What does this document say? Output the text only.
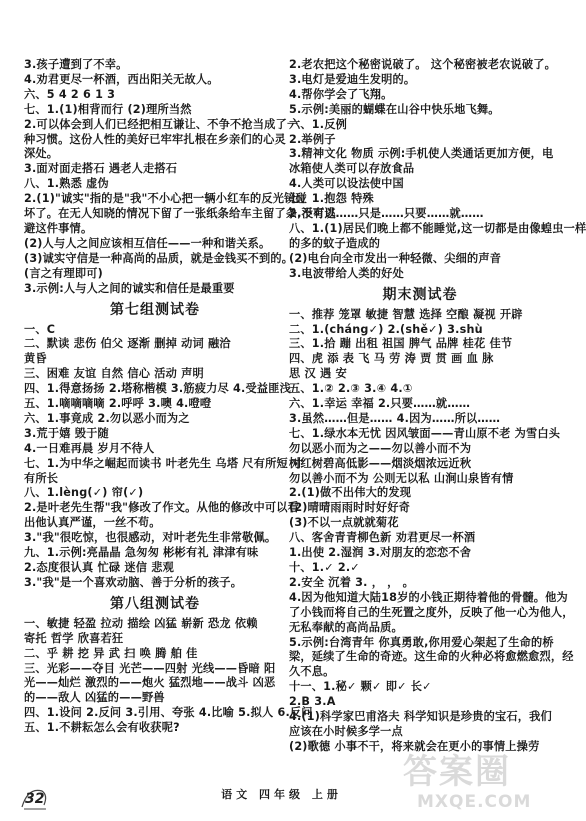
3.孩子遭到了不幸。
4.劝君更尽一杯酒，西出阳关无故人。
六、5 4 2 6 1 3
七、1.(1)相背而行 (2)理所当然
2.可以体会到人们已经把相互谦让、不争不抢当成了一
种习惯。这份人性的美好已牢牢扎根在乡亲们的心灵
深处。
3.面对面走搭石 遇老人走搭石
八、1.熟悉 虚伪
2.(1)"诚实"指的是"我"不小心把一辆小红车的反光镜碰
坏了。在无人知晓的情况下留了一张纸条给车主留了条,没有逃
避这件事情。
(2)人与人之间应该相互信任——一种和谐关系。
(3)诚实守信是一种高尚的品质，就是金钱买不到的。
(言之有理即可)
3.示例:人与人之间的诚实和信任是最重要
第七组测试卷
一、C
二、默读 悲伤 伯父 逐渐 删掉 动词 融洽
黄昏
三、困难 友谊 自然 信心 活动 声明
四、1.得意扬扬 2.塔称楷模 3.筋疲力尽 4.受益匪浅
五、1.嘀嘀嘀嘀 2.呼呼 3.噢 4.噔噔
六、1.事竟成 2.勿以恶小而为之
3.荒于嬉 毁于随
4.一日难再晨 岁月不待人
七、1.为中华之崛起而读书 叶老先生 乌塔 尺有所短 寸
有所长
八、1.lèng(✓) 帘(✓)
2.是叶老先生帮"我"修改了作文。从他的修改中可以看
出他认真严谨，一丝不苟。
3."我"很吃惊，也很感动，对叶老先生非常敬佩。
九、1.示例:亮晶晶 急匆匆 彬彬有礼 津津有味
2.态度很认真 忙碌 迷信 悲观
3."我"是一个喜欢动脑、善于分析的孩子。
第八组测试卷
一、敏捷 轻盈 拉动 描绘 凶猛 崭新 恐龙 依赖
寄托 哲学 欣喜若狂
二、乎 耕 挖 异 武 扫 唤 腾 舶 佳
三、光彩——夺目 光芒——四射 光线——昏暗 阳
光——灿烂 激烈的——炮火 猛烈地——战斗 凶恶
的——敌人 凶猛的——野兽
四、1.设问 2.反问 3.引用、夸张 4.比喻 5.拟人 6.反问
五、1.不耕耘怎么会有收获呢?
2.老农把这个秘密说破了。 这个秘密被老农说破了。
3.电灯是爱迪生发明的。
4.帮你学会了飞翔。
5.示例:美丽的蝴蝶在山谷中快乐地飞舞。
六、1.反例
2.举例子
3.精神文化 物质 示例:手机使人类通话更加方便，电
冰箱使人类可以存放食品
4.人类可以设法使中国
七、1.抱怨 特殊
2.不可以……只是……只要……就……
八、1.(1)居民们晚上都不能睡觉,这一切都是由像蝗虫一样
的多的蚊子造成的
(2)电台向全市发出一种轻微、尖细的声音
3.电波带给人类的好处
期末测试卷
一、推荐 笼罩 敏捷 智慧 选择 空酿 凝视 开辟
二、1.(cháng✓) 2.(shě✓) 3.shù
三、1.拾 蹦 出租 祖国 脾气 品牌 桂花 佳节
四、虎 添 表 飞 马 劳 涛 贾 贯 画 血 脉
思 汉 遇 安
五、1.② 2.③ 3.④ 4.①
六、1.幸运 幸福 2.只要……就……
3.虽然……但是…… 4.因为……所以……
七、1.绿水本无忧 因风皱面——青山原不老 为雪白头
勿以恶小而为之——勿以善小而不为
树红树碧高低影——烟淡烟浓远近秋
勿以善小而不为 公则无以私 山涧山泉皆有情
2.(1)做不出伟大的发现
(2)晴晴雨雨时时好好奇
(3)不以一点就就菊花
八、客舍青青柳色新 劝君更尽一杯酒
1.出使 2.湿润 3.对朋友的恋恋不舍
十、1.✓ 2.✓
2.安全 沉着 3. ， ， 。
4.因为他知道大陆18岁的小钱正期待着他的骨髓。他为
了小钱而将自己的生死置之度外，反映了他一心为他人，
无私奉献的高尚品质。
5.示例:台湾青年 你真勇敢,你用爱心架起了生命的桥
梁，延续了生命的奇迹。这生命的火种必将愈燃愈烈，经
久不息。
十一、1.秘✓ 颗✓ 即✓ 长✓
2.B 3.A
4.(1)科学家巴甫洛夫 科学知识是珍贵的宝石，我们
应该在小时候多学一点
(2)歌德 小事不干，将来就会在更小的事情上操劳
32	语文 四年级 上册
答案圈
MXQE.COM
